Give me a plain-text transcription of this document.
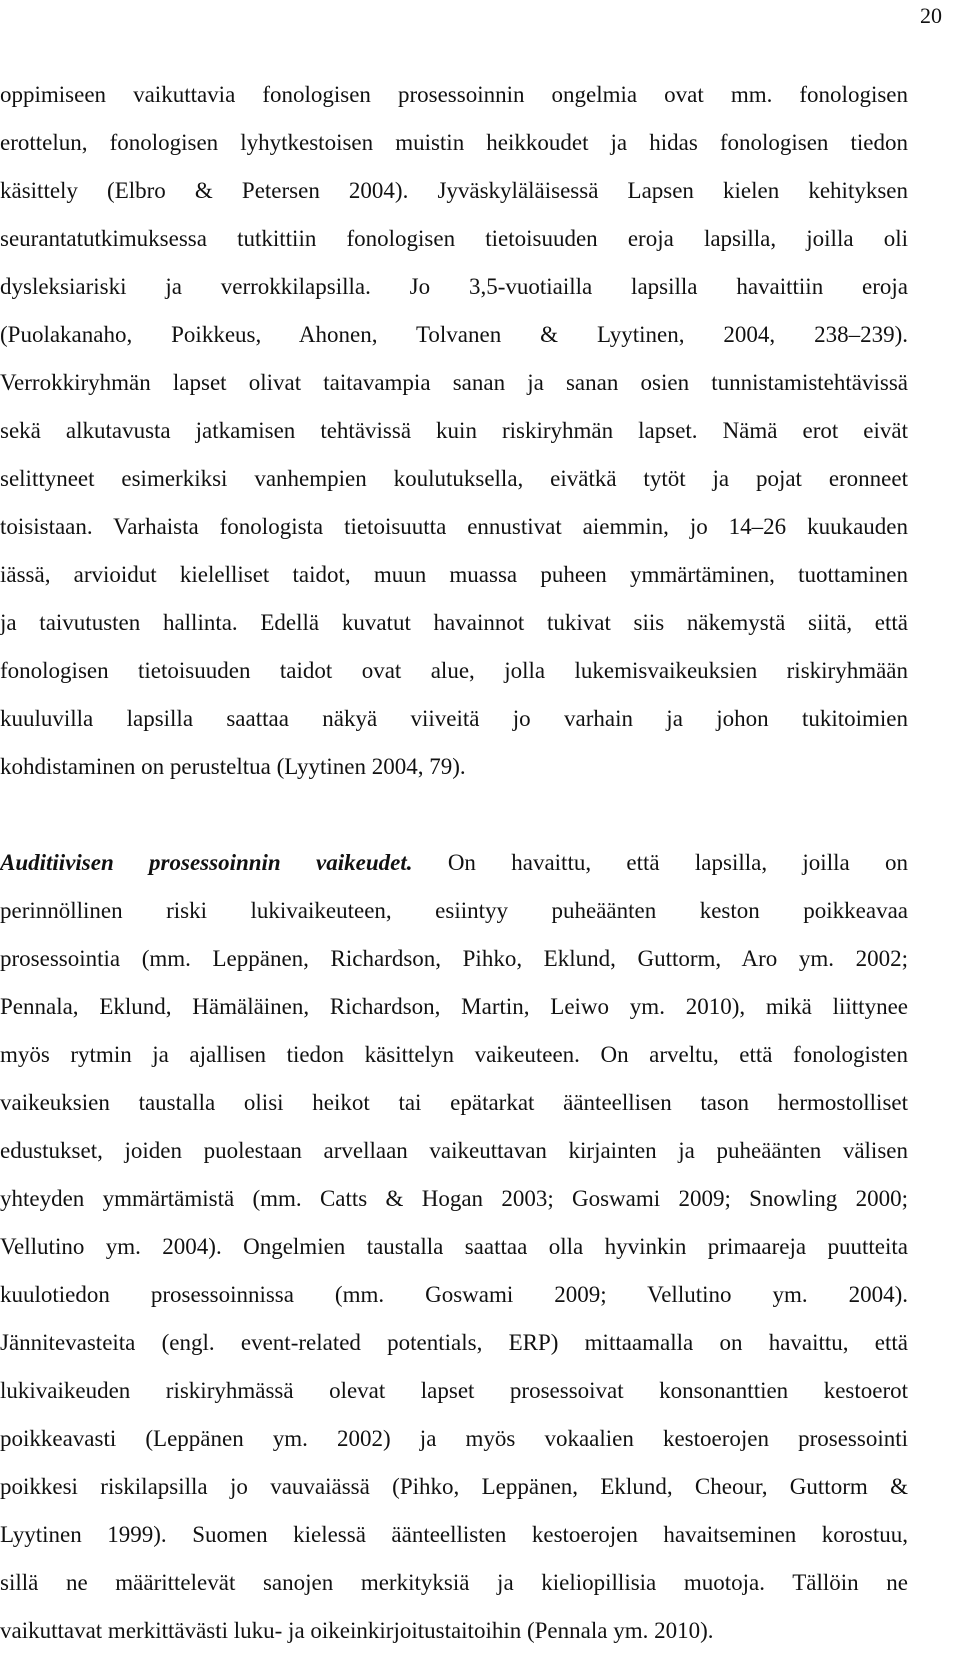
20
oppimiseen vaikuttavia fonologisen prosessoinnin ongelmia ovat mm. fonologisen
erottelun, fonologisen lyhytkestoisen muistin heikkoudet ja hidas fonologisen tiedon
käsittely (Elbro & Petersen 2004). Jyväskyläläisessä Lapsen kielen kehityksen
seurantatutkimuksessa tutkittiin fonologisen tietoisuuden eroja lapsilla, joilla oli
dysleksiariski ja verrokkilapsilla. Jo 3,5-vuotiailla lapsilla havaittiin eroja
(Puolakanaho, Poikkeus, Ahonen, Tolvanen & Lyytinen, 2004, 238–239).
Verrokkiryhmän lapset olivat taitavampia sanan ja sanan osien tunnistamistehtävissä
sekä alkutavusta jatkamisen tehtävissä kuin riskiryhmän lapset. Nämä erot eivät
selittyneet esimerkiksi vanhempien koulutuksella, eivätkä tytöt ja pojat eronneet
toisistaan. Varhaista fonologista tietoisuutta ennustivat aiemmin, jo 14–26 kuukauden
iässä, arvioidut kielelliset taidot, muun muassa puheen ymmärtäminen, tuottaminen
ja taivutusten hallinta. Edellä kuvatut havainnot tukivat siis näkemystä siitä, että
fonologisen tietoisuuden taidot ovat alue, jolla lukemisvaikeuksien riskiryhmään
kuuluvilla lapsilla saattaa näkyä viiveitä jo varhain ja johon tukitoimien
kohdistaminen on perusteltua (Lyytinen 2004, 79).
Auditiivisen prosessoinnin vaikeudet. On havaittu, että lapsilla, joilla on
perinnöllinen riski lukivaikeuteen, esiintyy puheäänten keston poikkeavaa
prosessointia (mm. Leppänen, Richardson, Pihko, Eklund, Guttorm, Aro ym. 2002;
Pennala, Eklund, Hämäläinen, Richardson, Martin, Leiwo ym. 2010), mikä liittynee
myös rytmin ja ajallisen tiedon käsittelyn vaikeuteen. On arveltu, että fonologisten
vaikeuksien taustalla olisi heikot tai epätarkat äänteellisen tason hermostolliset
edustukset, joiden puolestaan arvellaan vaikeuttavan kirjainten ja puheäänten välisen
yhteyden ymmärtämistä (mm. Catts & Hogan 2003; Goswami 2009; Snowling 2000;
Vellutino ym. 2004). Ongelmien taustalla saattaa olla hyvinkin primaareja puutteita
kuulotiedon prosessoinnissa (mm. Goswami 2009; Vellutino ym. 2004).
Jännitevasteita (engl. event-related potentials, ERP) mittaamalla on havaittu, että
lukivaikeuden riskiryhmässä olevat lapset prosessoivat konsonanttien kestoerot
poikkeavasti (Leppänen ym. 2002) ja myös vokaalien kestoerojen prosessointi
poikkesi riskilapsilla jo vauvaiässä (Pihko, Leppänen, Eklund, Cheour, Guttorm &
Lyytinen 1999). Suomen kielessä äänteellisten kestoerojen havaitseminen korostuu,
sillä ne määrittelevät sanojen merkityksiä ja kieliopillisia muotoja. Tällöin ne
vaikuttavat merkittävästi luku- ja oikeinkirjoitustaitoihin (Pennala ym. 2010).
